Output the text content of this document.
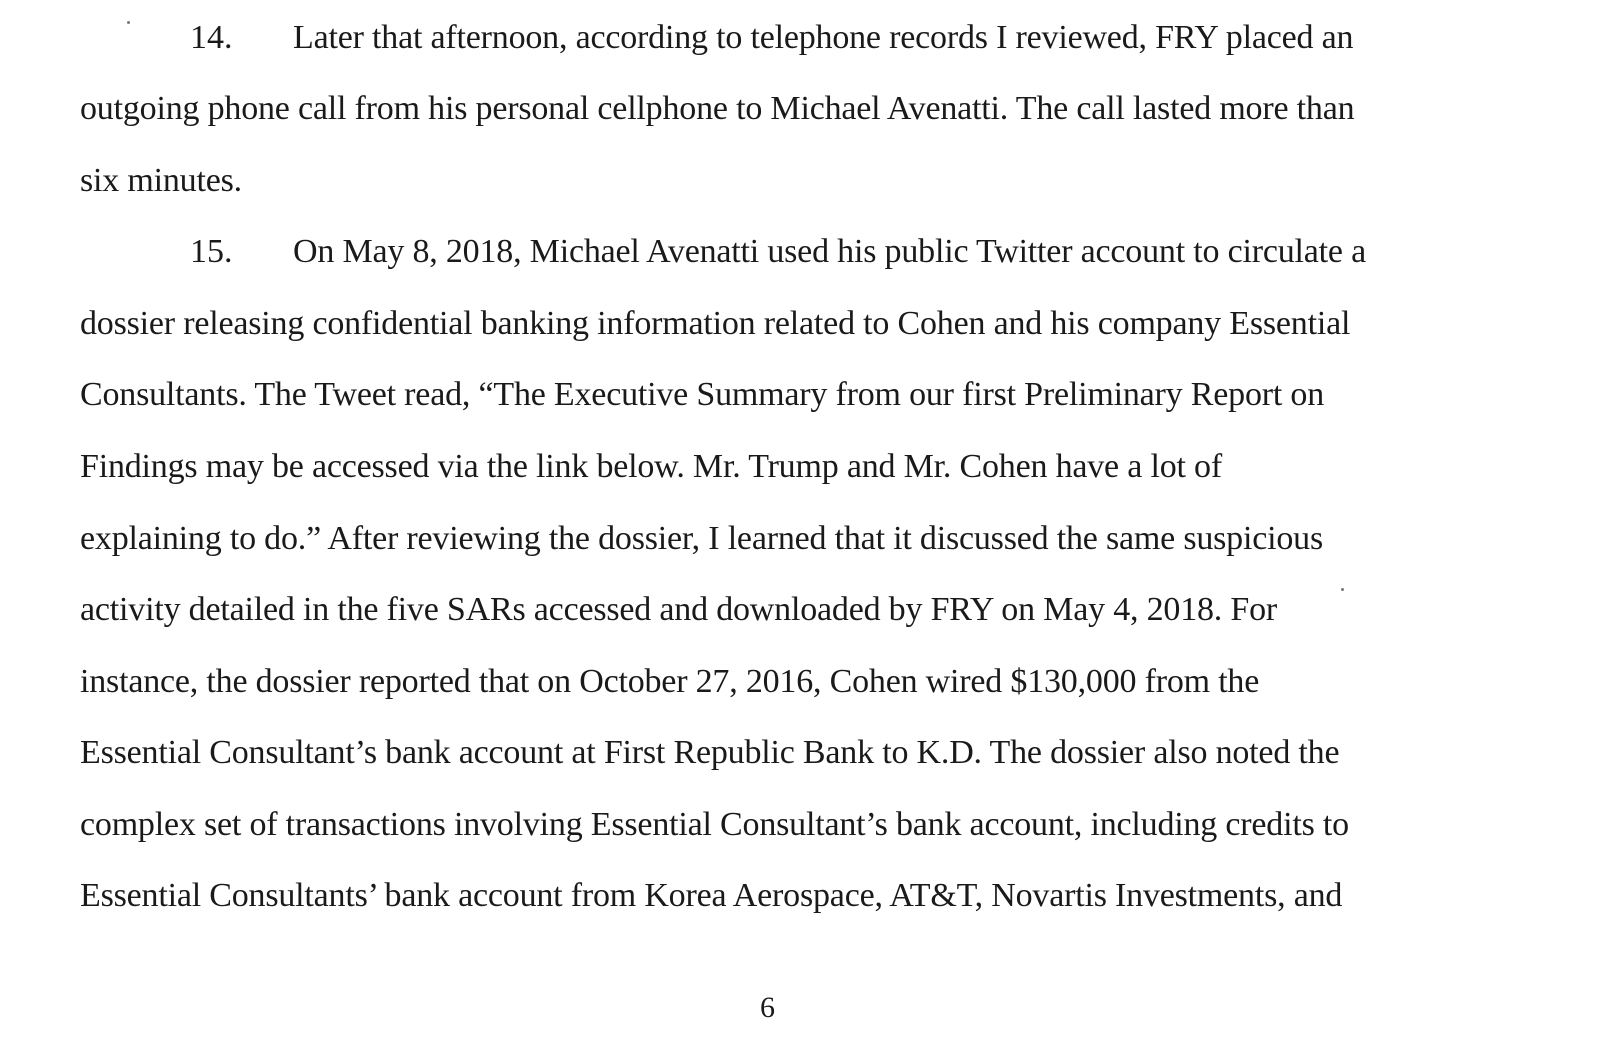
14. Later that afternoon, according to telephone records I reviewed, FRY placed an
outgoing phone call from his personal cellphone to Michael Avenatti. The call lasted more than
six minutes.
15. On May 8, 2018, Michael Avenatti used his public Twitter account to circulate a
dossier releasing confidential banking information related to Cohen and his company Essential
Consultants. The Tweet read, “The Executive Summary from our first Preliminary Report on
Findings may be accessed via the link below. Mr. Trump and Mr. Cohen have a lot of
explaining to do.” After reviewing the dossier, I learned that it discussed the same suspicious
activity detailed in the five SARs accessed and downloaded by FRY on May 4, 2018. For
instance, the dossier reported that on October 27, 2016, Cohen wired $130,000 from the
Essential Consultant’s bank account at First Republic Bank to K.D. The dossier also noted the
complex set of transactions involving Essential Consultant’s bank account, including credits to
Essential Consultants’ bank account from Korea Aerospace, AT&T, Novartis Investments, and
6
